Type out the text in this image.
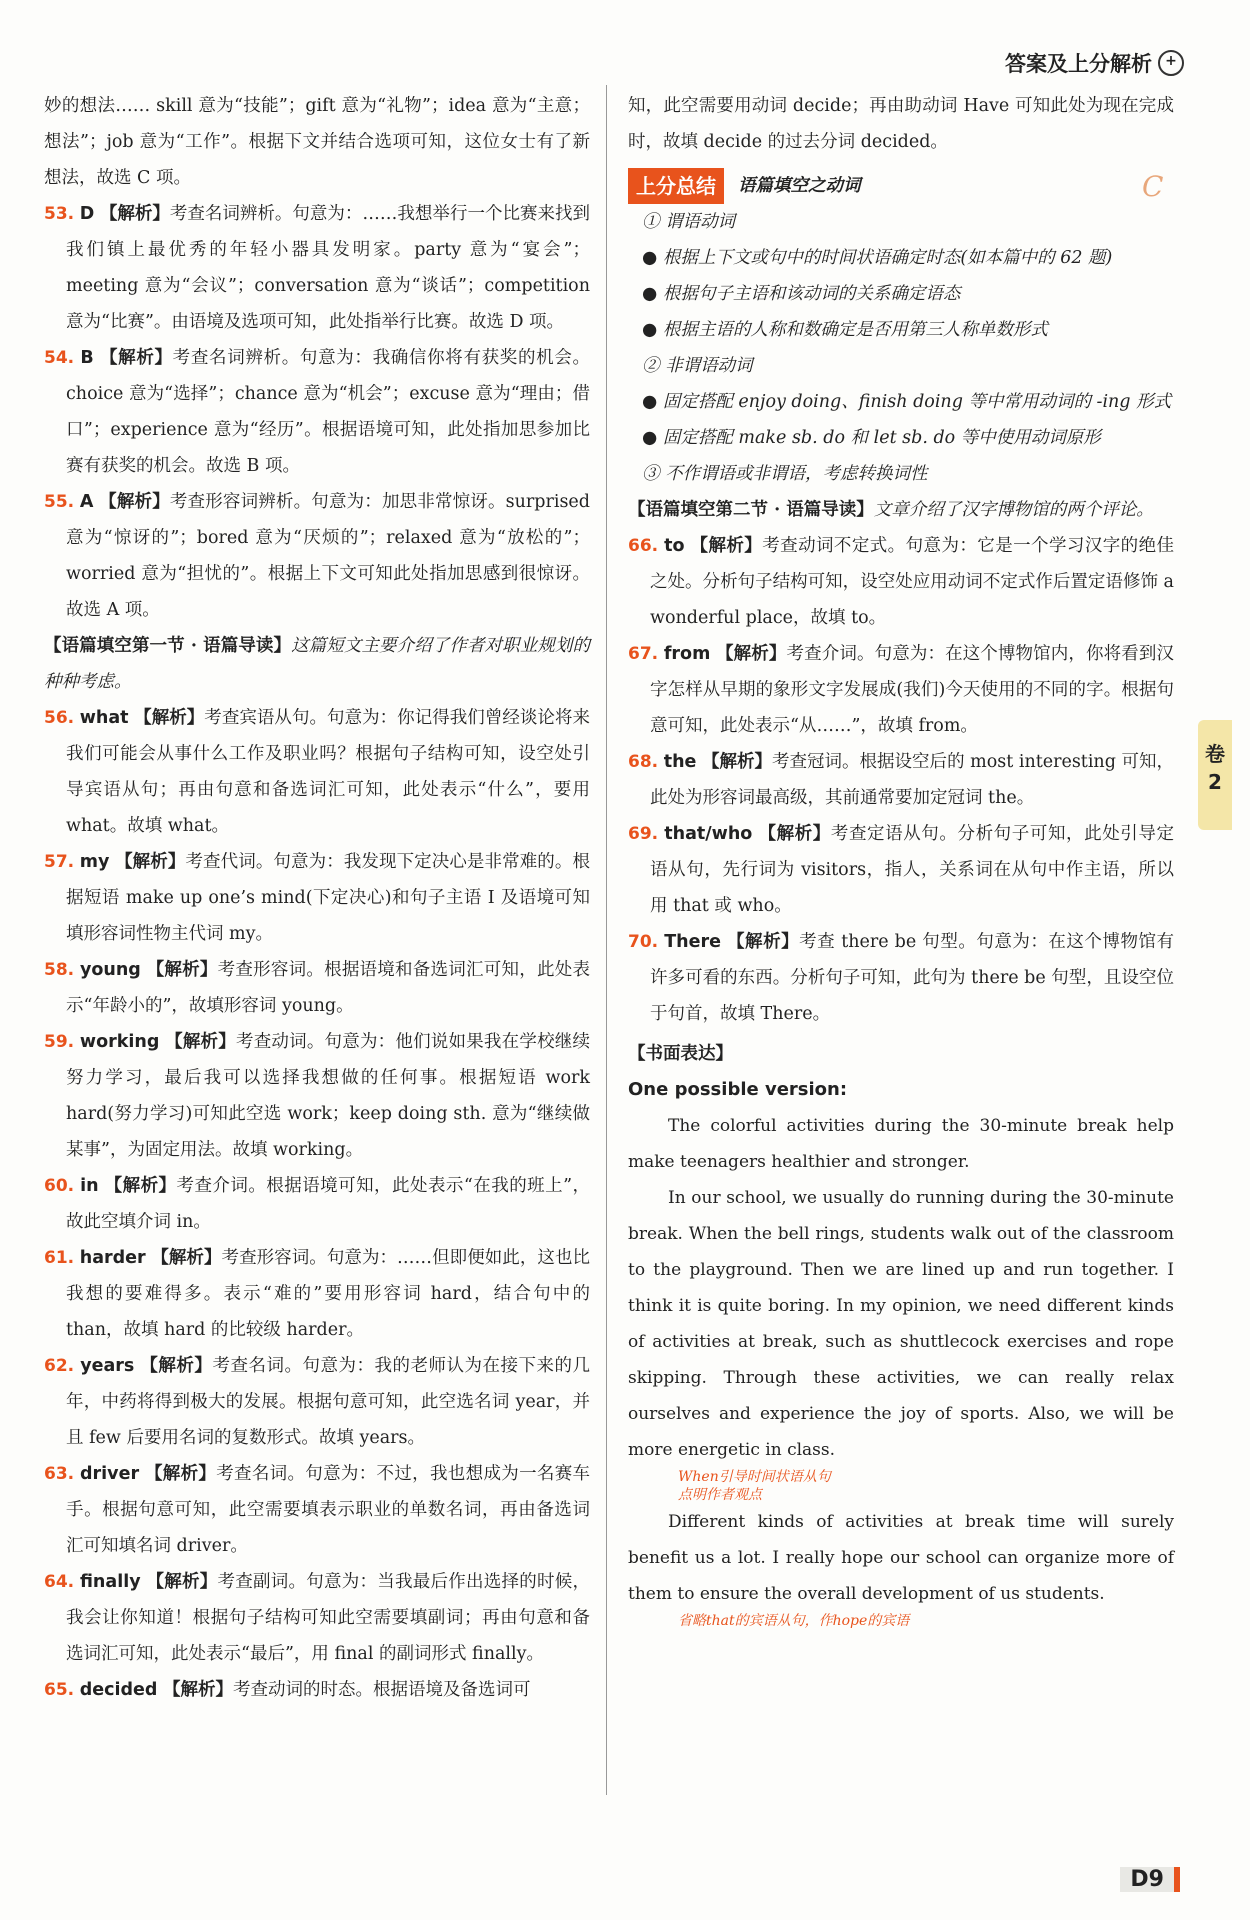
答案及上分解析 +
C

妙的想法…… skill 意为“技能”；gift 意为“礼物”；idea 意为“主意；想法”；job 意为“工作”。根据下文并结合选项可知，这位女士有了新想法，故选 C 项。

53. D 【解析】考查名词辨析。句意为：……我想举行一个比赛来找到我们镇上最优秀的年轻小器具发明家。party 意为“宴会”；meeting 意为“会议”；conversation 意为“谈话”；competition 意为“比赛”。由语境及选项可知，此处指举行比赛。故选 D 项。

54. B 【解析】考查名词辨析。句意为：我确信你将有获奖的机会。choice 意为“选择”；chance 意为“机会”；excuse 意为“理由；借口”；experience 意为“经历”。根据语境可知，此处指加思参加比赛有获奖的机会。故选 B 项。

55. A 【解析】考查形容词辨析。句意为：加思非常惊讶。surprised 意为“惊讶的”；bored 意为“厌烦的”；relaxed 意为“放松的”；worried 意为“担忧的”。根据上下文可知此处指加思感到很惊讶。故选 A 项。

【语篇填空第一节 · 语篇导读】这篇短文主要介绍了作者对职业规划的种种考虑。

56. what 【解析】考查宾语从句。句意为：你记得我们曾经谈论将来我们可能会从事什么工作及职业吗？根据句子结构可知，设空处引导宾语从句；再由句意和备选词汇可知，此处表示“什么”，要用 what。故填 what。

57. my 【解析】考查代词。句意为：我发现下定决心是非常难的。根据短语 make up one’s mind(下定决心)和句子主语 I 及语境可知填形容词性物主代词 my。

58. young 【解析】考查形容词。根据语境和备选词汇可知，此处表示“年龄小的”，故填形容词 young。

59. working 【解析】考查动词。句意为：他们说如果我在学校继续努力学习，最后我可以选择我想做的任何事。根据短语 work hard(努力学习)可知此空选 work；keep doing sth. 意为“继续做某事”，为固定用法。故填 working。

60. in 【解析】考查介词。根据语境可知，此处表示“在我的班上”，故此空填介词 in。

61. harder 【解析】考查形容词。句意为：……但即便如此，这也比我想的要难得多。表示“难的”要用形容词 hard，结合句中的 than，故填 hard 的比较级 harder。

62. years 【解析】考查名词。句意为：我的老师认为在接下来的几年，中药将得到极大的发展。根据句意可知，此空选名词 year，并且 few 后要用名词的复数形式。故填 years。

63. driver 【解析】考查名词。句意为：不过，我也想成为一名赛车手。根据句意可知，此空需要填表示职业的单数名词，再由备选词汇可知填名词 driver。

64. finally 【解析】考查副词。句意为：当我最后作出选择的时候，我会让你知道！根据句子结构可知此空需要填副词；再由句意和备选词汇可知，此处表示“最后”，用 final 的副词形式 finally。

65. decided 【解析】考查动词的时态。根据语境及备选词可

知，此空需要用动词 decide；再由助动词 Have 可知此处为现在完成时，故填 decide 的过去分词 decided。

上分总结	语篇填空之动词
① 谓语动词
● 根据上下文或句中的时间状语确定时态(如本篇中的 62 题)
● 根据句子主语和该动词的关系确定语态
● 根据主语的人称和数确定是否用第三人称单数形式
② 非谓语动词
● 固定搭配 enjoy doing、finish doing 等中常用动词的 -ing 形式
● 固定搭配 make sb. do 和 let sb. do 等中使用动词原形
③ 不作谓语或非谓语，考虑转换词性

【语篇填空第二节 · 语篇导读】文章介绍了汉字博物馆的两个评论。

66. to 【解析】考查动词不定式。句意为：它是一个学习汉字的绝佳之处。分析句子结构可知，设空处应用动词不定式作后置定语修饰 a wonderful place，故填 to。

67. from 【解析】考查介词。句意为：在这个博物馆内，你将看到汉字怎样从早期的象形文字发展成(我们)今天使用的不同的字。根据句意可知，此处表示“从……”，故填 from。

68. the 【解析】考查冠词。根据设空后的 most interesting 可知，此处为形容词最高级，其前通常要加定冠词 the。

69. that/who 【解析】考查定语从句。分析句子可知，此处引导定语从句，先行词为 visitors，指人，关系词在从句中作主语，所以用 that 或 who。

70. There 【解析】考查 there be 句型。句意为：在这个博物馆有许多可看的东西。分析句子可知，此句为 there be 句型，且设空位于句首，故填 There。

【书面表达】
One possible version:

The colorful activities during the 30-minute break help make teenagers healthier and stronger.

In our school, we usually do running during the 30-minute break. When the bell rings, students walk out of the classroom to the playground. Then we are lined up and run together. I think it is quite boring. In my opinion, we need different kinds of activities at break, such as shuttlecock exercises and rope skipping. Through these activities, we can really relax ourselves and experience the joy of sports. Also, we will be more energetic in class.

When引导时间状语从句
点明作者观点

Different kinds of activities at break time will surely benefit us a lot. I really hope our school can organize more of them to ensure the overall development of us students.

省略that的宾语从句，作hope的宾语
卷 2
D9
